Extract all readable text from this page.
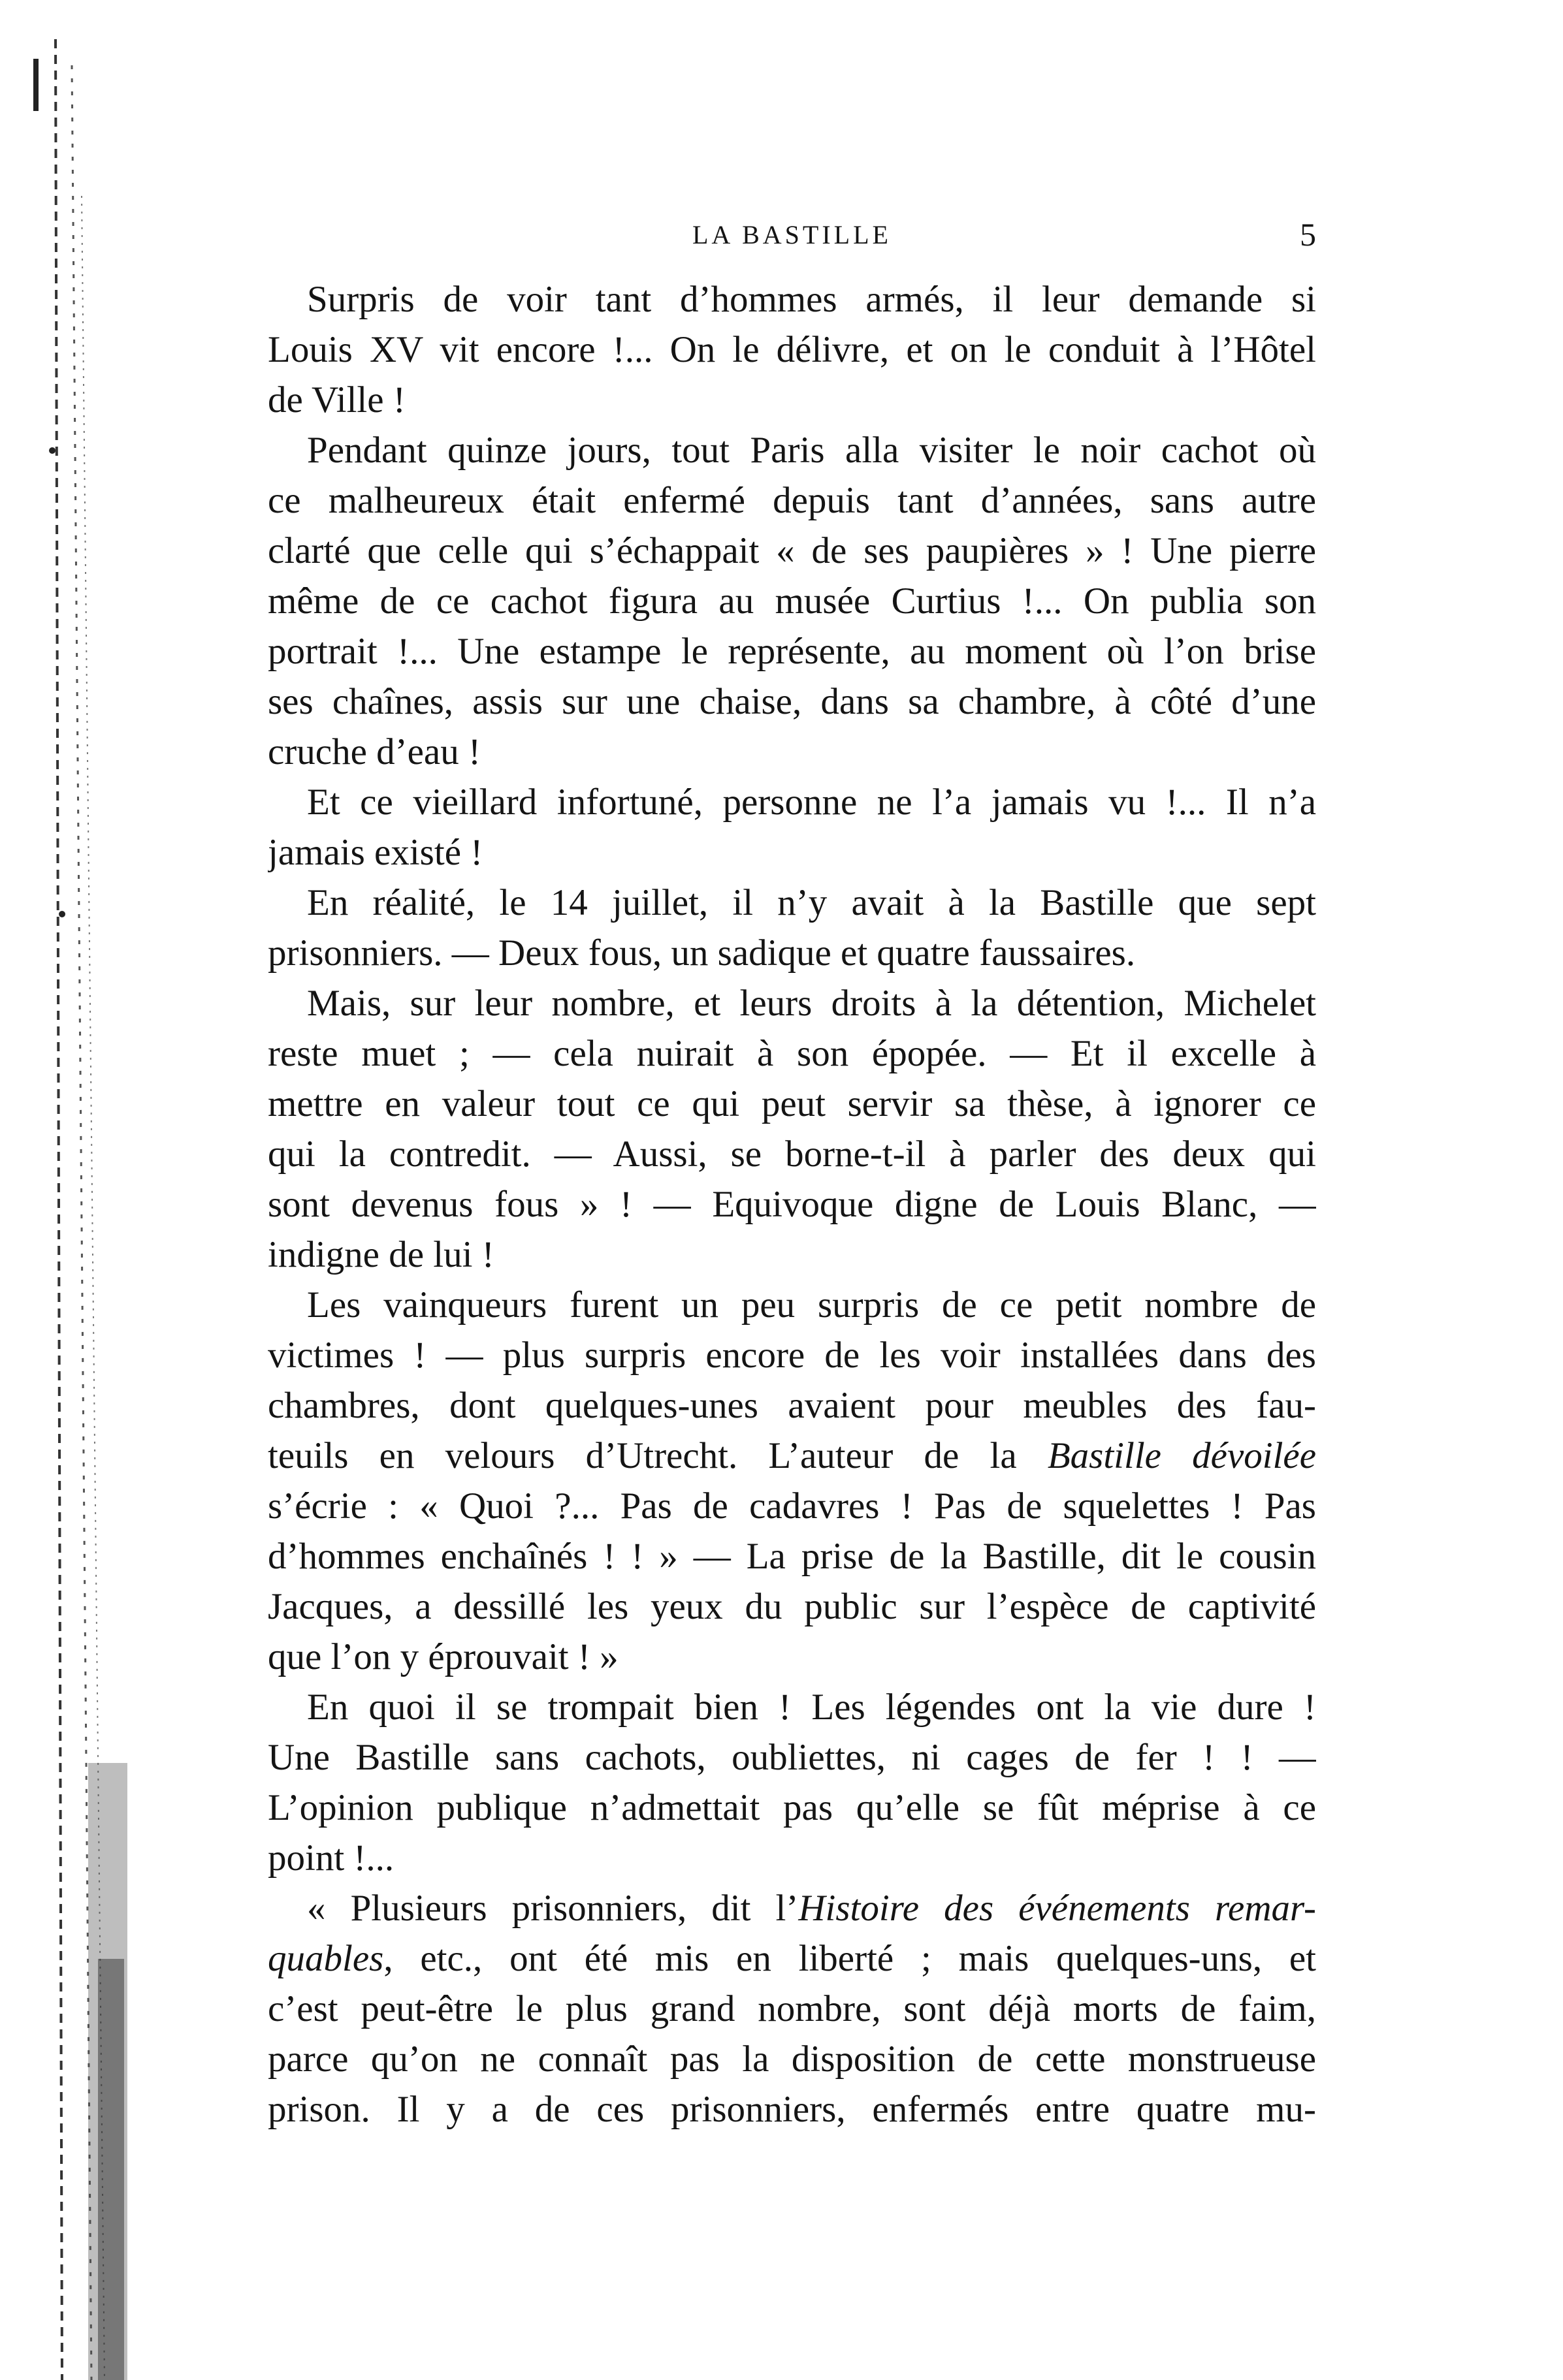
LA BASTILLE	5
Surpris de voir tant d’hommes armés, il leur demande si
Louis XV vit encore !... On le délivre, et on le conduit à l’Hôtel
de Ville !
Pendant quinze jours, tout Paris alla visiter le noir cachot où
ce malheureux était enfermé depuis tant d’années, sans autre
clarté que celle qui s’échappait « de ses paupières » ! Une pierre
même de ce cachot figura au musée Curtius !... On publia son
portrait !... Une estampe le représente, au moment où l’on brise
ses chaînes, assis sur une chaise, dans sa chambre, à côté d’une
cruche d’eau !
Et ce vieillard infortuné, personne ne l’a jamais vu !... Il n’a
jamais existé !
En réalité, le 14 juillet, il n’y avait à la Bastille que sept
prisonniers. — Deux fous, un sadique et quatre faussaires.
Mais, sur leur nombre, et leurs droits à la détention, Michelet
reste muet ; — cela nuirait à son épopée. — Et il excelle à
mettre en valeur tout ce qui peut servir sa thèse, à ignorer ce
qui la contredit. — Aussi, se borne-t-il à parler des deux qui
sont devenus fous » ! — Equivoque digne de Louis Blanc, —
indigne de lui !
Les vainqueurs furent un peu surpris de ce petit nombre de
victimes ! — plus surpris encore de les voir installées dans des
chambres, dont quelques-unes avaient pour meubles des fau-
teuils en velours d’Utrecht. L’auteur de la Bastille dévoilée
s’écrie : « Quoi ?... Pas de cadavres ! Pas de squelettes ! Pas
d’hommes enchaînés ! ! » — La prise de la Bastille, dit le cousin
Jacques, a dessillé les yeux du public sur l’espèce de captivité
que l’on y éprouvait ! »
En quoi il se trompait bien ! Les légendes ont la vie dure !
Une Bastille sans cachots, oubliettes, ni cages de fer ! ! —
L’opinion publique n’admettait pas qu’elle se fût méprise à ce
point !...
« Plusieurs prisonniers, dit l’Histoire des événements remar-
quables, etc., ont été mis en liberté ; mais quelques-uns, et
c’est peut-être le plus grand nombre, sont déjà morts de faim,
parce qu’on ne connaît pas la disposition de cette monstrueuse
prison. Il y a de ces prisonniers, enfermés entre quatre mu-
